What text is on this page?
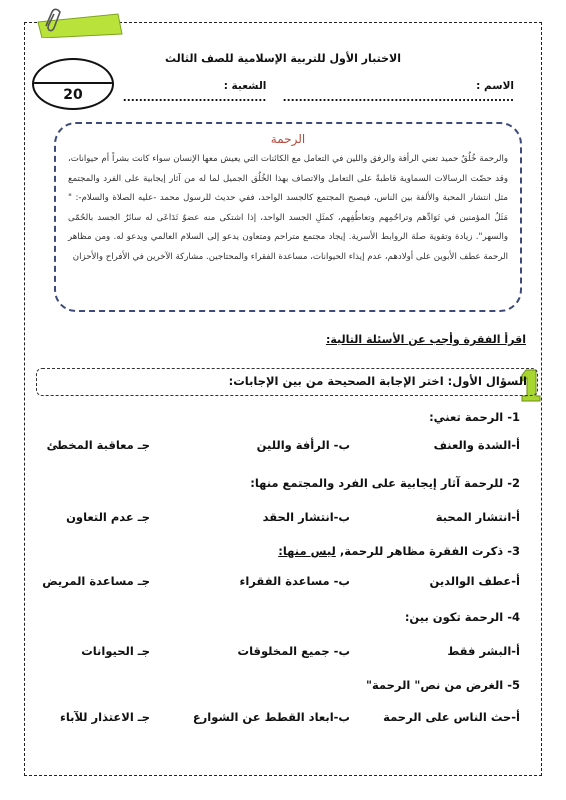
الاختبار الأول للتربية الإسلامية للصف الثالث
الاسم : ..........................................................
الشعبة : ....................................
20
الرحمة
والرحمة خُلُقٌ حميد تعني الرأفة والرفق واللين في التعامل مع الكائنات التي يعيش معها الإنسان سواء كانت بشراً أم حيوانات، وقد حضّت الرسالات السماوية قاطبةً على التعامل والاتصاف بهذا الخُلُق الجميل لما له من آثار إيجابية على الفرد والمجتمع مثل انتشار المحبة والألفة بين الناس، فيصبح المجتمع كالجسد الواحد، ففي حديث للرسول محمد -عليه الصلاة والسلام-: " مَثَلُ المؤمنين في تَوَادِّهم وتراحُمِهم وتعاطُفِهم، كمثَلِ الجسد الواحد، إذا اشتكى منه عضوٌ تَدَاعَى له سائرُ الجسد بالحُمّى والسهر". زيادة وتقوية صلة الروابط الأسرية. إيجاد مجتمع متراحم ومتعاون يدعو إلى السلام العالمي ويدعو له. ومن مظاهر الرحمة عطف الأبوين على أولادهم، عدم إيذاء الحيوانات، مساعدة الفقراء والمحتاجين. مشاركة الآخرين في الأفراح والأحزان
اقرأ الفقرة وأجب عن الأسئلة التالية:
السؤال الأول: اختر الإجابة الصحيحة من بين الإجابات:
1- الرحمة تعني:
أ-الشدة والعنف
ب- الرأفة واللين
جـ معاقبة المخطئ
2- للرحمة آثار إيجابية على الفرد والمجتمع منها:
أ-انتشار المحبة
ب-انتشار الحقد
جـ عدم التعاون
3- ذكرت الفقرة مظاهر للرحمة, ليس منها:
أ-عطف الوالدين
ب- مساعدة الفقراء
جـ مساعدة المريض
4- الرحمة تكون بين:
أ-البشر فقط
ب- جميع المخلوقات
جـ الحيوانات
5- الغرض من نص" الرحمة"
أ-حث الناس على الرحمة
ب-ابعاد القطط عن الشوارع
جـ الاعتذار للآباء
